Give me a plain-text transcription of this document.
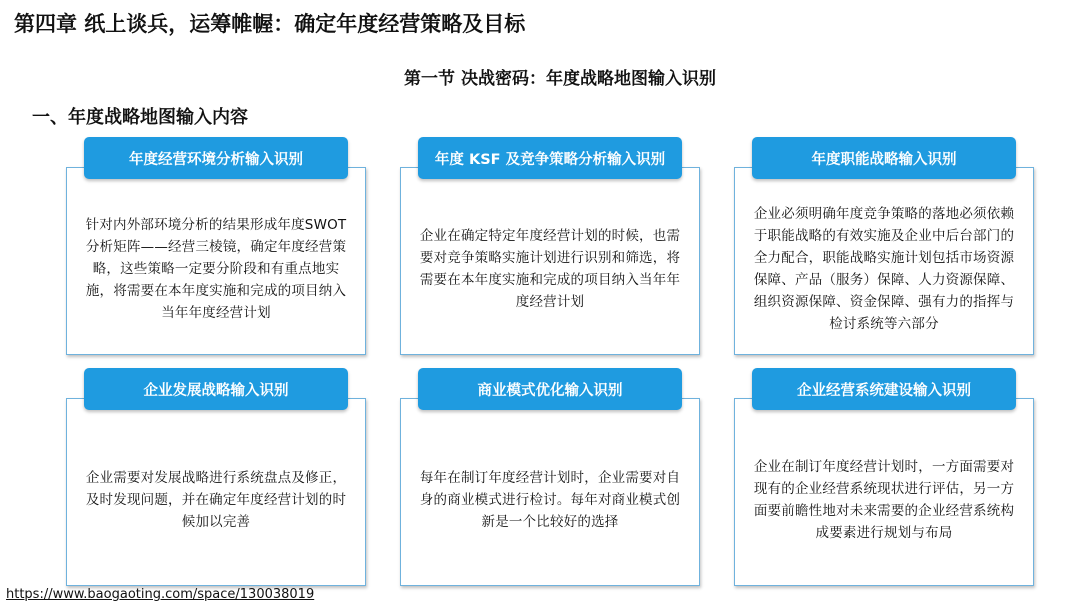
第四章 纸上谈兵，运筹帷幄：确定年度经营策略及目标
第一节 决战密码：年度战略地图输入识别
一、年度战略地图输入内容
年度经营环境分析输入识别
针对内外部环境分析的结果形成年度SWOT 分析矩阵——经营三棱镜，确定年度经营策略，这些策略一定要分阶段和有重点地实施，将需要在本年度实施和完成的项目纳入当年年度经营计划
年度 KSF 及竞争策略分析输入识别
企业在确定特定年度经营计划的时候，也需要对竞争策略实施计划进行识别和筛选，将需要在本年度实施和完成的项目纳入当年年度经营计划
年度职能战略输入识别
企业必须明确年度竞争策略的落地必须依赖于职能战略的有效实施及企业中后台部门的全力配合，职能战略实施计划包括市场资源保障、产品（服务）保障、人力资源保障、组织资源保障、资金保障、强有力的指挥与检讨系统等六部分
企业发展战略输入识别
企业需要对发展战略进行系统盘点及修正，及时发现问题，并在确定年度经营计划的时候加以完善
商业模式优化输入识别
每年在制订年度经营计划时，企业需要对自身的商业模式进行检讨。每年对商业模式创新是一个比较好的选择
企业经营系统建设输入识别
企业在制订年度经营计划时，一方面需要对现有的企业经营系统现状进行评估，另一方面要前瞻性地对未来需要的企业经营系统构成要素进行规划与布局
https://www.baogaoting.com/space/130038019
